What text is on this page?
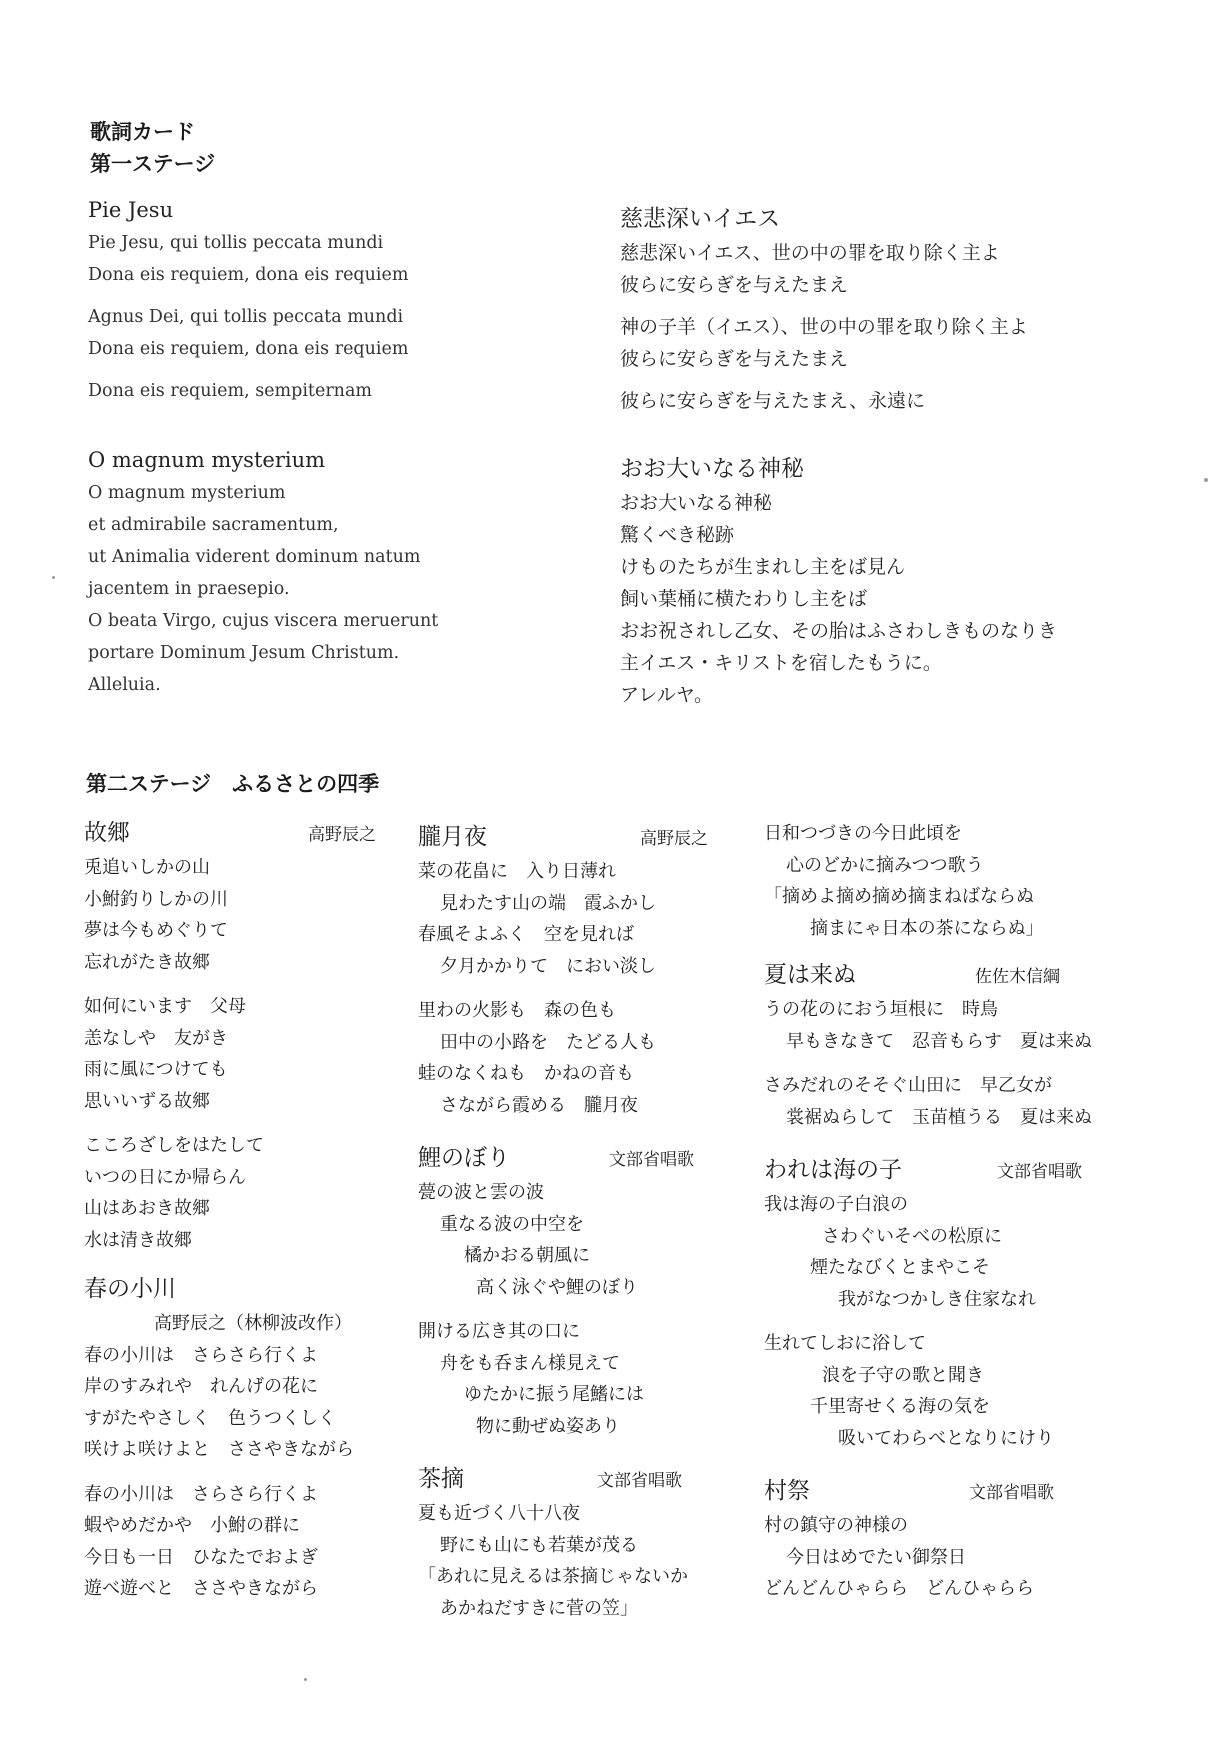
歌詞カード
第一ステージ
Pie Jesu
Pie Jesu, qui tollis peccata mundi
Dona eis requiem, dona eis requiem
Agnus Dei, qui tollis peccata mundi
Dona eis requiem, dona eis requiem
Dona eis requiem, sempiternam
O magnum mysterium
O magnum mysterium
et admirabile sacramentum,
ut Animalia viderent dominum natum
jacentem in praesepio.
O beata Virgo, cujus viscera meruerunt
portare Dominum Jesum Christum.
Alleluia.
慈悲深いイエス
慈悲深いイエス、世の中の罪を取り除く主よ
彼らに安らぎを与えたまえ
神の子羊（イエス）、世の中の罪を取り除く主よ
彼らに安らぎを与えたまえ
彼らに安らぎを与えたまえ、永遠に
おお大いなる神秘
おお大いなる神秘
驚くべき秘跡
けものたちが生まれし主をば見ん
飼い葉桶に横たわりし主をば
おお祝されし乙女、その胎はふさわしきものなりき
主イエス・キリストを宿したもうに。
アレルヤ。
第二ステージ　ふるさとの四季
故郷	高野辰之
兎追いしかの山
小鮒釣りしかの川
夢は今もめぐりて
忘れがたき故郷
如何にいます　父母
恙なしや　友がき
雨に風につけても
思いいずる故郷
こころざしをはたして
いつの日にか帰らん
山はあおき故郷
水は清き故郷
春の小川
高野辰之（林柳波改作）
春の小川は　さらさら行くよ
岸のすみれや　れんげの花に
すがたやさしく　色うつくしく
咲けよ咲けよと　ささやきながら
春の小川は　さらさら行くよ
蝦やめだかや　小鮒の群に
今日も一日　ひなたでおよぎ
遊べ遊べと　ささやきながら
朧月夜	高野辰之
菜の花畠に　入り日薄れ
見わたす山の端　霞ふかし
春風そよふく　空を見れば
夕月かかりて　におい淡し
里わの火影も　森の色も
田中の小路を　たどる人も
蛙のなくねも　かねの音も
さながら霞める　朧月夜
鯉のぼり	文部省唱歌
甍の波と雲の波
重なる波の中空を
橘かおる朝風に
高く泳ぐや鯉のぼり
開ける広き其の口に
舟をも呑まん様見えて
ゆたかに振う尾鰭には
物に動ぜぬ姿あり
茶摘	文部省唱歌
夏も近づく八十八夜
野にも山にも若葉が茂る
「あれに見えるは茶摘じゃないか
あかねだすきに菅の笠」
日和つづきの今日此頃を
心のどかに摘みつつ歌う
「摘めよ摘め摘め摘まねばならぬ
摘まにゃ日本の茶にならぬ」
夏は来ぬ	佐佐木信綱
うの花のにおう垣根に　時鳥
早もきなきて　忍音もらす　夏は来ぬ
さみだれのそそぐ山田に　早乙女が
裳裾ぬらして　玉苗植うる　夏は来ぬ
われは海の子	文部省唱歌
我は海の子白浪の
さわぐいそべの松原に
煙たなびくとまやこそ
我がなつかしき住家なれ
生れてしおに浴して
浪を子守の歌と聞き
千里寄せくる海の気を
吸いてわらべとなりにけり
村祭	文部省唱歌
村の鎮守の神様の
今日はめでたい御祭日
どんどんひゃらら　どんひゃらら
